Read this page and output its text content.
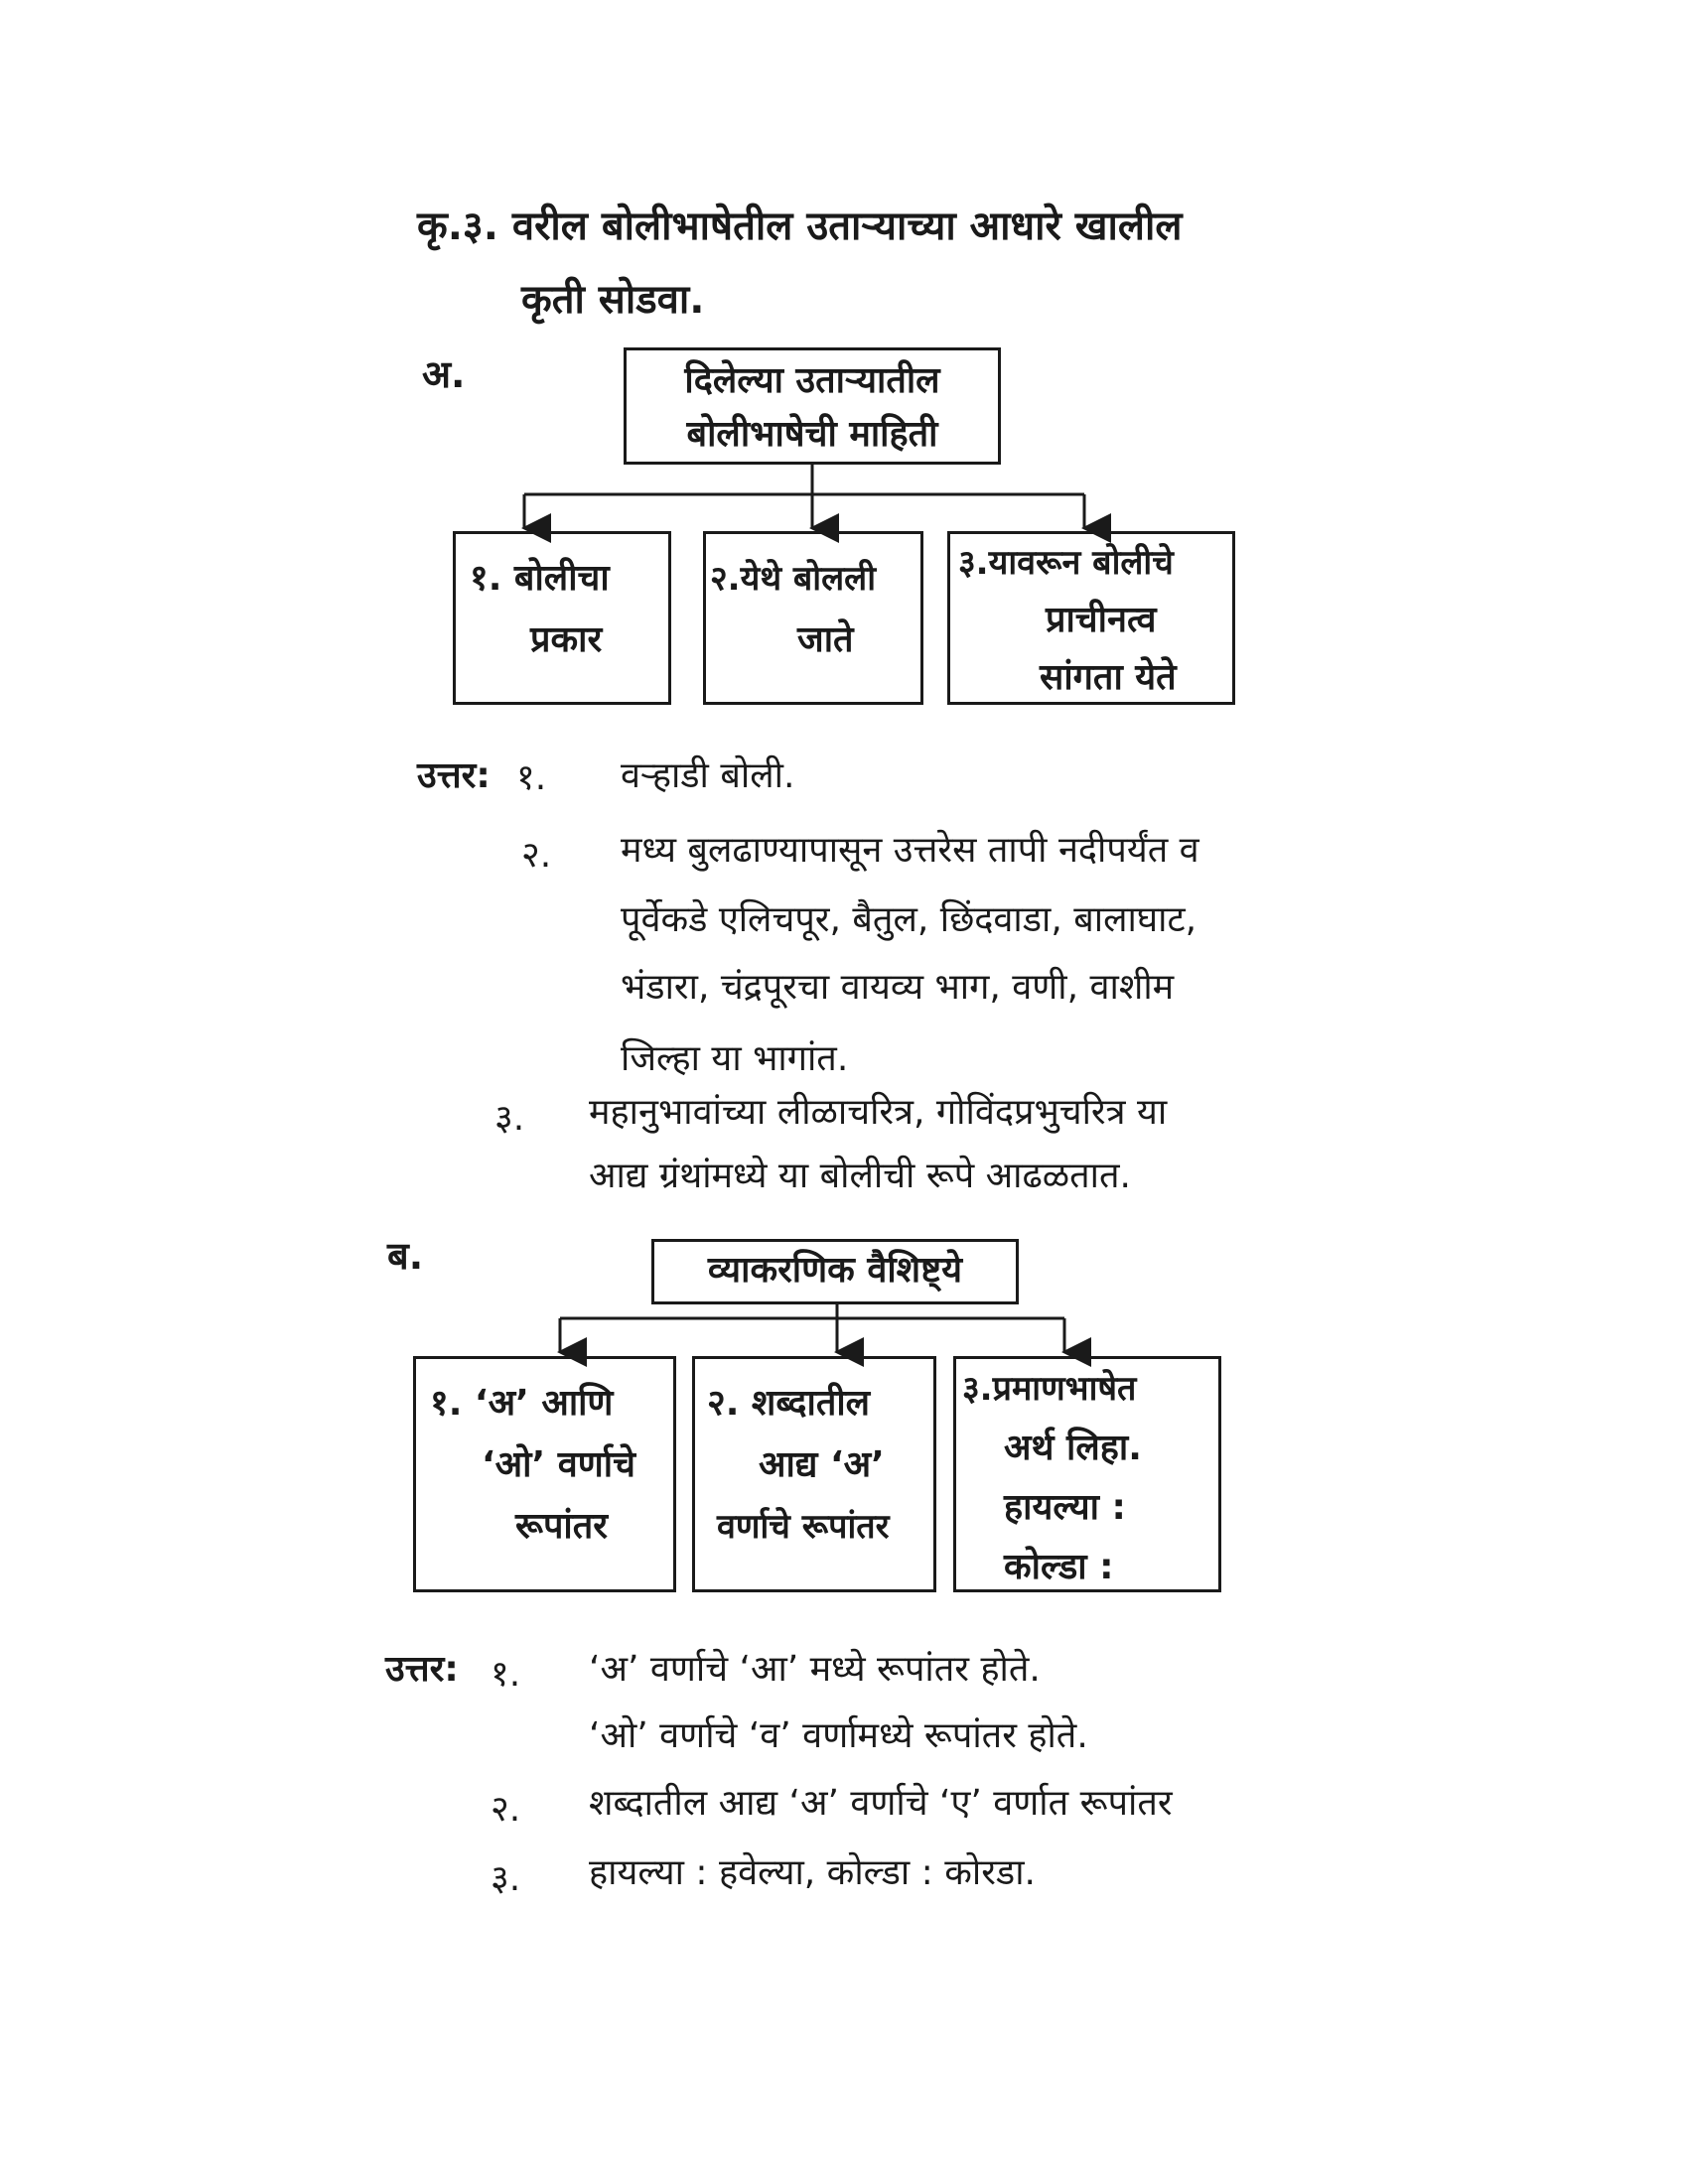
कृ.३. वरील बोलीभाषेतील उताऱ्याच्या आधारे खालील
कृती सोडवा.
अ.	दिलेल्या उताऱ्यातील
बोलीभाषेची माहिती
१. बोलीचा
प्रकार
२.येथे बोलली
जाते
३.यावरून बोलीचे
प्राचीनत्व
सांगता येते
उत्तर: १. वऱ्हाडी बोली.
२. मध्य बुलढाण्यापासून उत्तरेस तापी नदीपर्यंत व
पूर्वेकडे एलिचपूर, बैतुल, छिंदवाडा, बालाघाट,
भंडारा, चंद्रपूरचा वायव्य भाग, वणी, वाशीम
जिल्हा या भागांत.
३. महानुभावांच्या लीळाचरित्र, गोविंदप्रभुचरित्र या
आद्य ग्रंथांमध्ये या बोलीची रूपे आढळतात.
ब.	व्याकरणिक वैशिष्ट्ये
१. ‘अ’ आणि
‘ओ’ वर्णाचे
रूपांतर
२. शब्दातील
आद्य ‘अ’
वर्णाचे रूपांतर
३.प्रमाणभाषेत
अर्थ लिहा.
हायल्या :
कोल्डा :
उत्तर: १. ‘अ’ वर्णाचे ‘आ’ मध्ये रूपांतर होते.
‘ओ’ वर्णाचे ‘व’ वर्णामध्ये रूपांतर होते.
२. शब्दातील आद्य ‘अ’ वर्णाचे ‘ए’ वर्णात रूपांतर
३. हायल्या : हवेल्या, कोल्डा : कोरडा.
